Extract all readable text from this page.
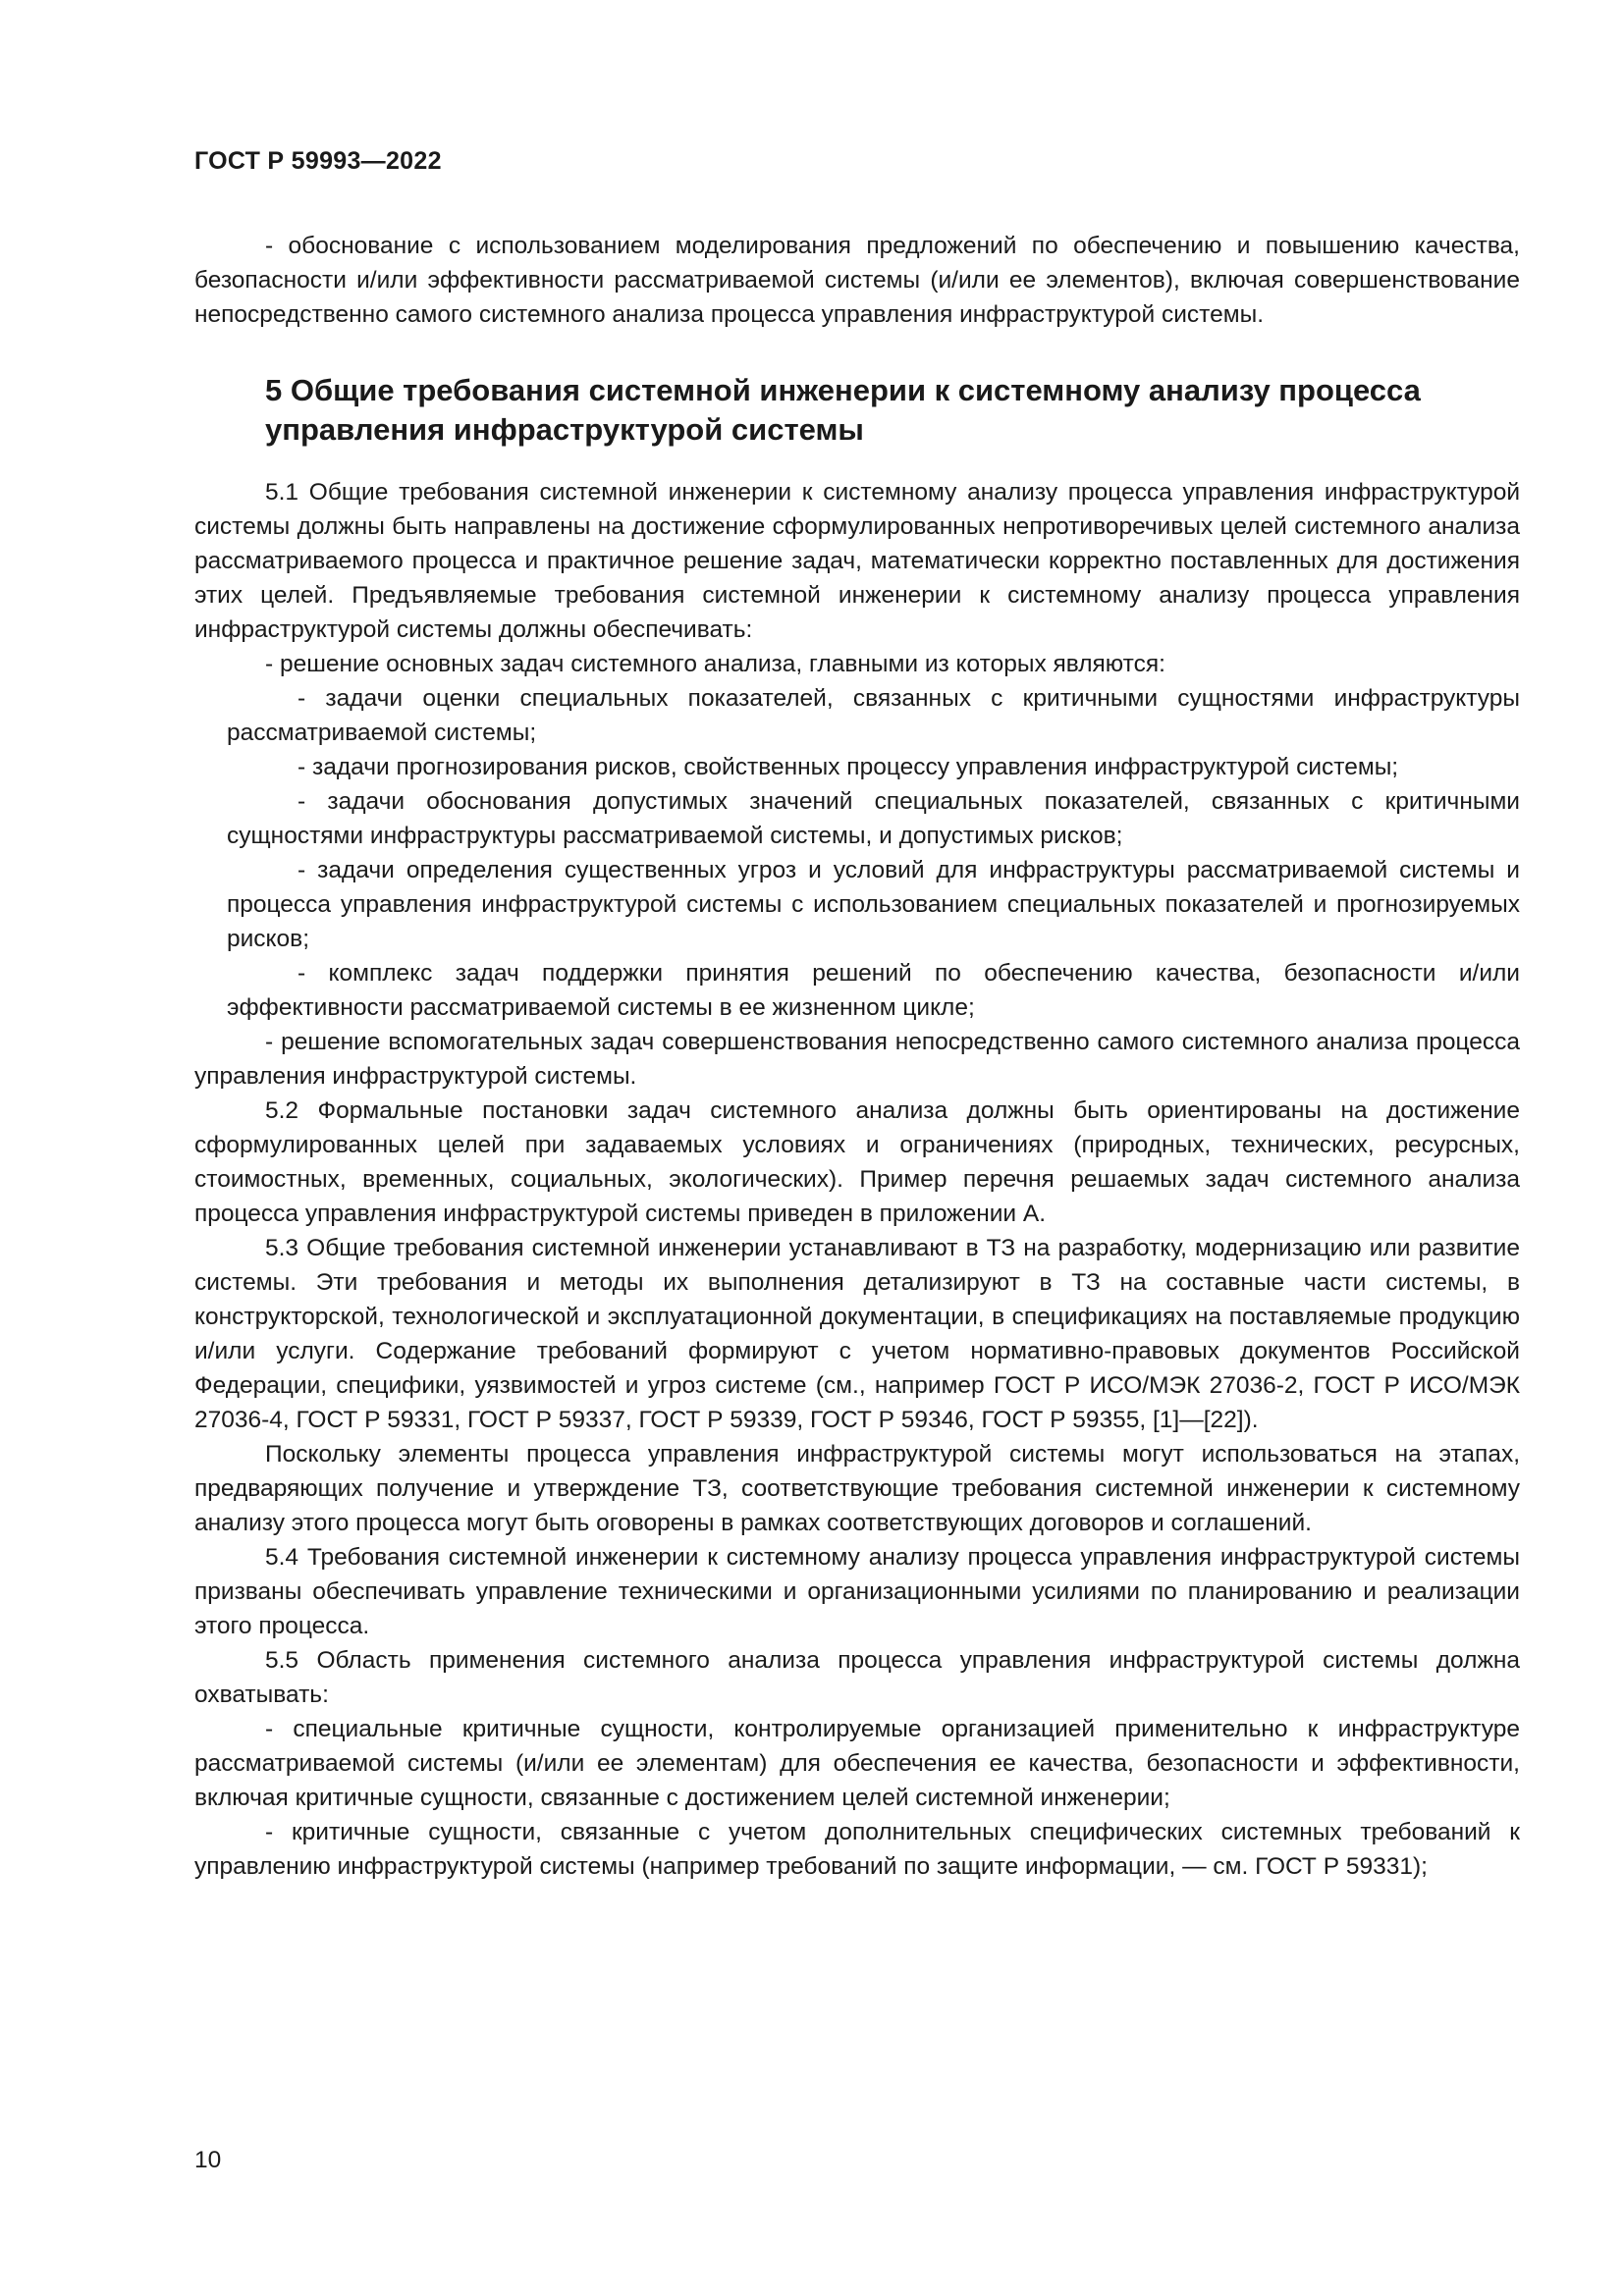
ГОСТ Р 59993—2022

- обоснование с использованием моделирования предложений по обеспечению и повышению качества, безопасности и/или эффективности рассматриваемой системы (и/или ее элементов), включая совершенствование непосредственно самого системного анализа процесса управления инфраструктурой системы.

5 Общие требования системной инженерии к системному анализу процесса управления инфраструктурой системы

5.1 Общие требования системной инженерии к системному анализу процесса управления инфраструктурой системы должны быть направлены на достижение сформулированных непротиворечивых целей системного анализа рассматриваемого процесса и практичное решение задач, математически корректно поставленных для достижения этих целей. Предъявляемые требования системной инженерии к системному анализу процесса управления инфраструктурой системы должны обеспечивать:

- решение основных задач системного анализа, главными из которых являются:

- задачи оценки специальных показателей, связанных с критичными сущностями инфраструктуры рассматриваемой системы;

- задачи прогнозирования рисков, свойственных процессу управления инфраструктурой системы;

- задачи обоснования допустимых значений специальных показателей, связанных с критичными сущностями инфраструктуры рассматриваемой системы, и допустимых рисков;

- задачи определения существенных угроз и условий для инфраструктуры рассматриваемой системы и процесса управления инфраструктурой системы с использованием специальных показателей и прогнозируемых рисков;

- комплекс задач поддержки принятия решений по обеспечению качества, безопасности и/или эффективности рассматриваемой системы в ее жизненном цикле;

- решение вспомогательных задач совершенствования непосредственно самого системного анализа процесса управления инфраструктурой системы.

5.2 Формальные постановки задач системного анализа должны быть ориентированы на достижение сформулированных целей при задаваемых условиях и ограничениях (природных, технических, ресурсных, стоимостных, временных, социальных, экологических). Пример перечня решаемых задач системного анализа процесса управления инфраструктурой системы приведен в приложении А.

5.3 Общие требования системной инженерии устанавливают в ТЗ на разработку, модернизацию или развитие системы. Эти требования и методы их выполнения детализируют в ТЗ на составные части системы, в конструкторской, технологической и эксплуатационной документации, в спецификациях на поставляемые продукцию и/или услуги. Содержание требований формируют с учетом нормативно-правовых документов Российской Федерации, специфики, уязвимостей и угроз системе (см., например ГОСТ Р ИСО/МЭК 27036-2, ГОСТ Р ИСО/МЭК 27036-4, ГОСТ Р 59331, ГОСТ Р 59337, ГОСТ Р 59339, ГОСТ Р 59346, ГОСТ Р 59355, [1]—[22]).

Поскольку элементы процесса управления инфраструктурой системы могут использоваться на этапах, предваряющих получение и утверждение ТЗ, соответствующие требования системной инженерии к системному анализу этого процесса могут быть оговорены в рамках соответствующих договоров и соглашений.

5.4 Требования системной инженерии к системному анализу процесса управления инфраструктурой системы призваны обеспечивать управление техническими и организационными усилиями по планированию и реализации этого процесса.

5.5 Область применения системного анализа процесса управления инфраструктурой системы должна охватывать:

- специальные критичные сущности, контролируемые организацией применительно к инфраструктуре рассматриваемой системы (и/или ее элементам) для обеспечения ее качества, безопасности и эффективности, включая критичные сущности, связанные с достижением целей системной инженерии;

- критичные сущности, связанные с учетом дополнительных специфических системных требований к управлению инфраструктурой системы (например требований по защите информации, — см. ГОСТ Р 59331);

10
